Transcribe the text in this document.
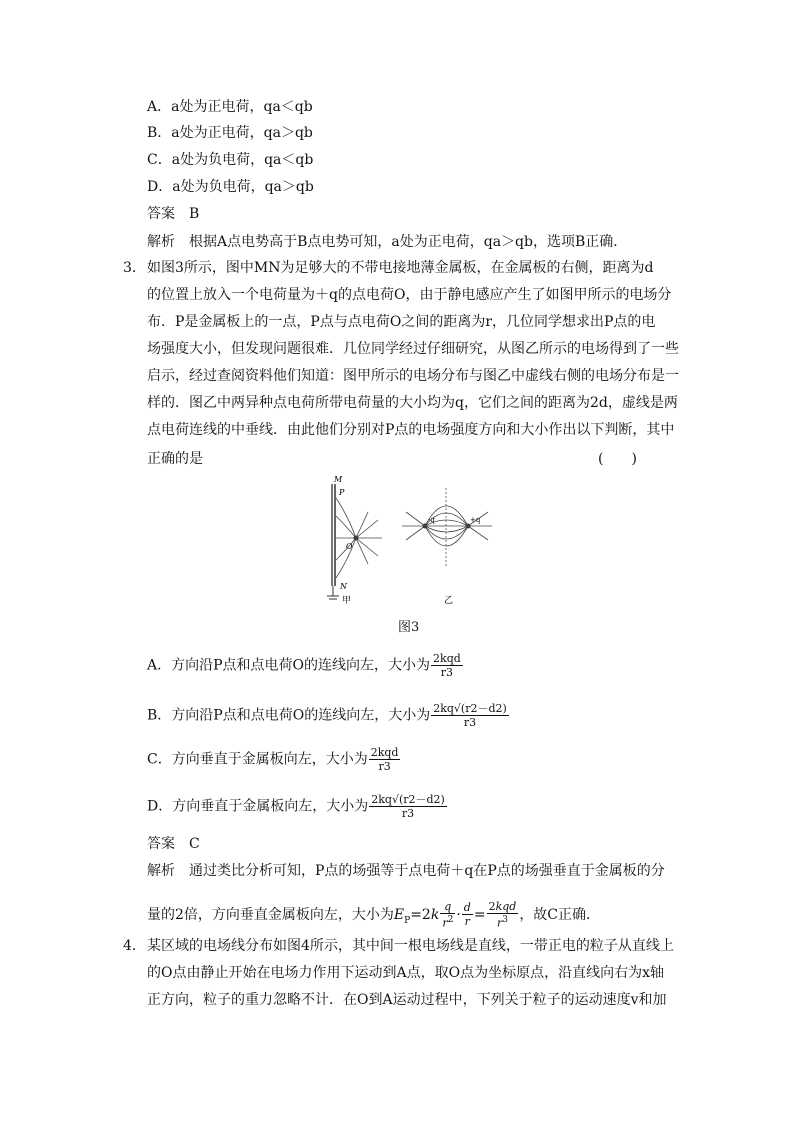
A．a处为正电荷，qa＜qb
B．a处为正电荷，qa＞qb
C．a处为负电荷，qa＜qb
D．a处为负电荷，qa＞qb
答案　B
解析　根据A点电势高于B点电势可知，a处为正电荷，qa＞qb，选项B正确．
3． 如图3所示，图中MN为足够大的不带电接地薄金属板，在金属板的右侧，距离为d
的位置上放入一个电荷量为＋q的点电荷O，由于静电感应产生了如图甲所示的电场分
布．P是金属板上的一点，P点与点电荷O之间的距离为r，几位同学想求出P点的电
场强度大小，但发现问题很难．几位同学经过仔细研究，从图乙所示的电场得到了一些
启示，经过查阅资料他们知道：图甲所示的电场分布与图乙中虚线右侧的电场分布是一
样的．图乙中两异种点电荷所带电荷量的大小均为q，它们之间的距离为2d，虚线是两
点电荷连线的中垂线．由此他们分别对P点的电场强度方向和大小作出以下判断，其中
正确的是	(　　)
M
P
O
N
-q	+q
甲	乙
图3
A．方向沿P点和点电荷O的连线向左，大小为 $\frac{\text{2kqd}}{r3}$
B．方向沿P点和点电荷O的连线向左，大小为 $\frac{2kq√(r2-d2)}{r3}$
C．方向垂直于金属板向左，大小为 $\frac{\text{2kqd}}{r3}$
D．方向垂直于金属板向左，大小为 $\frac{2kq√(r2-d2)}{r3}$
答案　C
解析　通过类比分析可知，P点的场强等于点电荷＋q在P点的场强垂直于金属板的分
量的2倍，方向垂直金属板向左，大小为$E_P=2k \frac{q}{r^2} \cdot \frac{d}{r} = \frac{\text{2kqd}}{r^3}$ ，故C正确．
4． 某区域的电场线分布如图4所示，其中间一根电场线是直线，一带正电的粒子从直线上
的O点由静止开始在电场力作用下运动到A点，取O点为坐标原点，沿直线向右为x轴
正方向，粒子的重力忽略不计．在O到A运动过程中，下列关于粒子的运动速度v和加
